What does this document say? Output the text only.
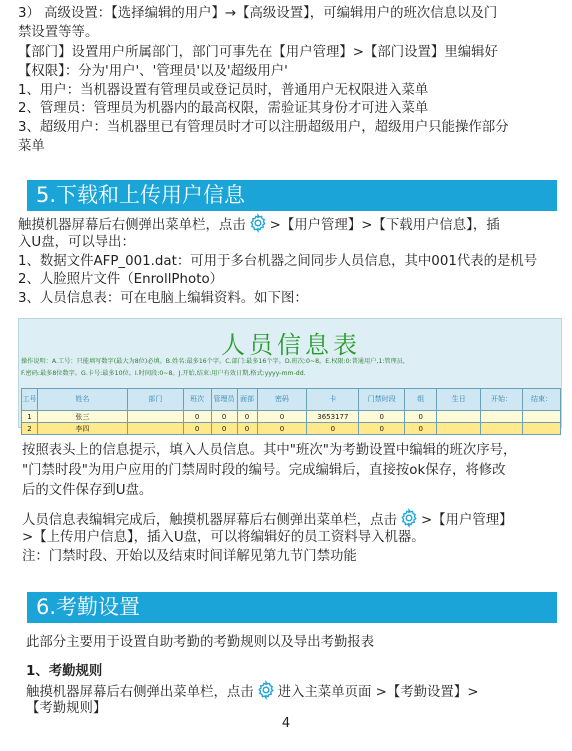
3） 高级设置：【选择编辑的用户】→【高级设置】，可编辑用户的班次信息以及门
禁设置等等。
【部门】设置用户所属部门，部门可事先在【用户管理】>【部门设置】里编辑好
【权限】：分为'用户'、'管理员'以及'超级用户'
1、用户：当机器设置有管理员或登记员时，普通用户无权限进入菜单
2、管理员：管理员为机器内的最高权限，需验证其身份才可进入菜单
3、超级用户：当机器里已有管理员时才可以注册超级用户，超级用户只能操作部分
菜单
5.下载和上传用户信息
触摸机器屏幕后右侧弹出菜单栏，点击 >【用户管理】>【下载用户信息】，插
入U盘，可以导出：
1、数据文件AFP_001.dat：可用于多台机器之间同步人员信息，其中001代表的是机号
2、人脸照片文件（EnrollPhoto）
3、人员信息表：可在电脑上编辑资料。如下图：
人员信息表
操作说明：A.工号：只能填写数字(最大为8位)必填。B.姓名:最多16个字。C.部门:最多16个字。D.班次:0~8。E.权限:0:普通用户,1:管理员,
F.密码:最多8位数字。G.卡号:最多10位。I.时间段:0~8。J.开始,结束:用户有效日期,格式:yyyy-mm-dd.
工号	姓名	部门	班次	管理员	面部	密码	卡	门禁时段	组	生日	开始：	结束：
1	张三		0	0	0	0	3653177	0	0			
2	李四		0	0	0	0	0	0	0			
按照表头上的信息提示，填入人员信息。其中"班次"为考勤设置中编辑的班次序号，
"门禁时段"为用户应用的门禁周时段的编号。完成编辑后，直接按ok保存，将修改
后的文件保存到U盘。
人员信息表编辑完成后，触摸机器屏幕后右侧弹出菜单栏，点击 >【用户管理】
>【上传用户信息】，插入U盘，可以将编辑好的员工资料导入机器。
注：门禁时段、开始以及结束时间详解见第九节门禁功能
6.考勤设置
此部分主要用于设置自助考勤的考勤规则以及导出考勤报表
1、考勤规则
触摸机器屏幕后右侧弹出菜单栏，点击 进入主菜单页面 >【考勤设置】>
【考勤规则】
4
